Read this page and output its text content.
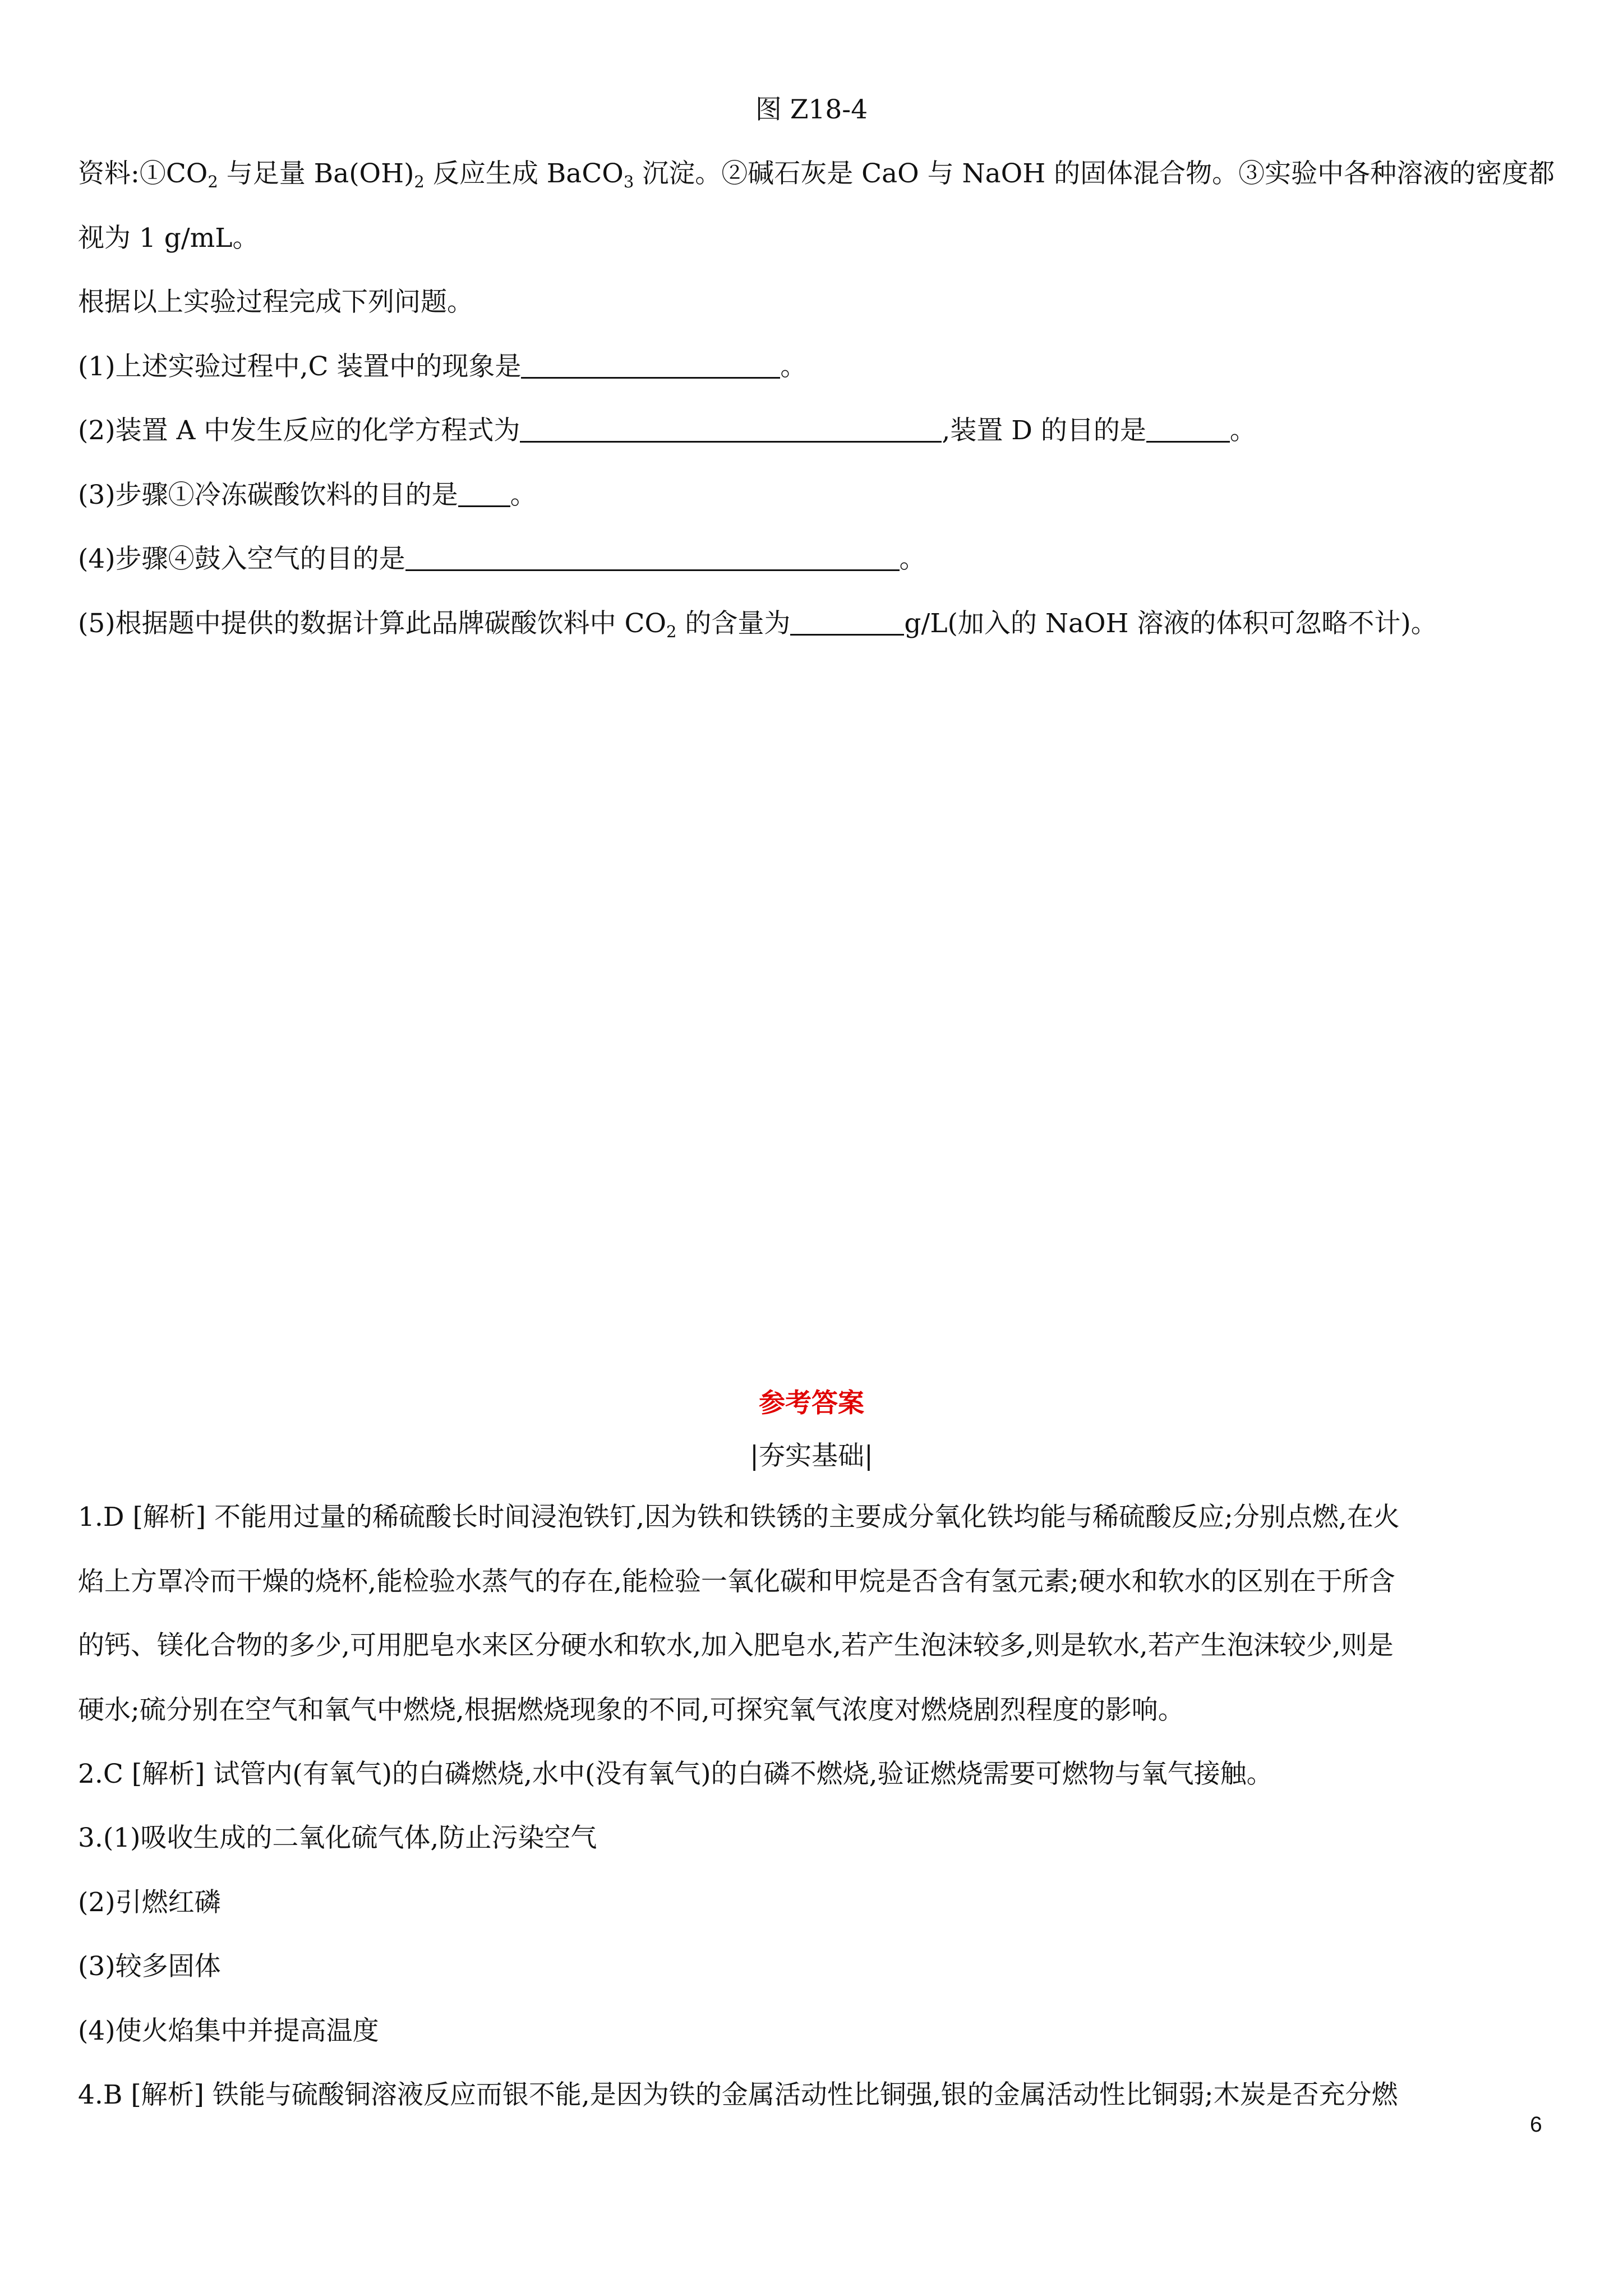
图 Z18-4
资料$:①CO_2$ 与足量 $Ba(OH)_2$ 反应生成 BaCO$_3$ 沉淀。②碱石灰是 CaO 与 NaOH 的固体混合物。③实验中各种溶液的密度都
视为 1 g/mL。
根据以上实验过程完成下列问题。
(1)上述实验过程中,C 装置中的现象是	。
(2)装置 A 中发生反应的化学方程式为	,装置 D 的目的是	。
(3)步骤①冷冻碳酸饮料的目的是 。
(4)步骤④鼓入空气的目的是	。
(5)根据题中提供的数据计算此品牌碳酸饮料中 $CO_2$ 的含量为	g/L(加入的 NaOH 溶液的体积可忽略不计)。
参考答案
|夯实基础|
1.D [解析] 不能用过量的稀硫酸长时间浸泡铁钉,因为铁和铁锈的主要成分氧化铁均能与稀硫酸反应;分别点燃,在火
焰上方罩冷而干燥的烧杯,能检验水蒸气的存在,能检验一氧化碳和甲烷是否含有氢元素;硬水和软水的区别在于所含
的钙、镁化合物的多少,可用肥皂水来区分硬水和软水,加入肥皂水,若产生泡沫较多,则是软水,若产生泡沫较少,则是
硬水;硫分别在空气和氧气中燃烧,根据燃烧现象的不同,可探究氧气浓度对燃烧剧烈程度的影响。
2.C [解析] 试管内(有氧气)的白磷燃烧,水中(没有氧气)的白磷不燃烧,验证燃烧需要可燃物与氧气接触。
3.(1)吸收生成的二氧化硫气体,防止污染空气
(2)引燃红磷
(3)较多固体
(4)使火焰集中并提高温度
4.B [解析] 铁能与硫酸铜溶液反应而银不能,是因为铁的金属活动性比铜强,银的金属活动性比铜弱;木炭是否充分燃
6
